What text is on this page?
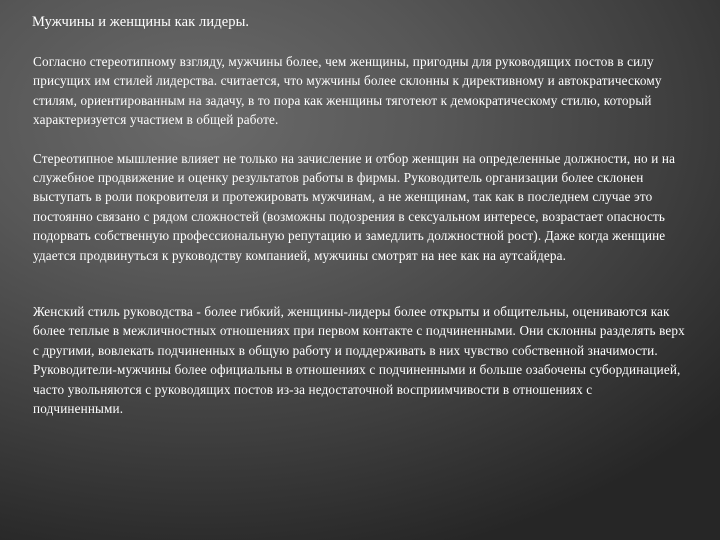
Мужчины и женщины как лидеры.

Согласно стереотипному взгляду, мужчины более, чем женщины, пригодны для руководящих постов в силу присущих им стилей лидерства. считается, что мужчины более склонны к директивному и автократическому стилям, ориентированным на задачу, в то пора как женщины тяготеют к демократическому стилю, который характеризуется участием в общей работе.

Стереотипное мышление влияет не только на зачисление и отбор женщин на определенные должности, но и на служебное продвижение и оценку результатов работы в фирмы. Руководитель организации более склонен выступать в роли покровителя и протежировать мужчинам, а не женщинам, так как в последнем случае это постоянно связано с рядом сложностей (возможны подозрения в сексуальном интересе, возрастает опасность подорвать собственную профессиональную репутацию и замедлить должностной рост). Даже когда женщине удается продвинуться к руководству компанией, мужчины смотрят на нее как на аутсайдера.

Женский стиль руководства - более гибкий, женщины-лидеры более открыты и общительны, оцениваются как более теплые в межличностных отношениях при первом контакте с подчиненными. Они склонны разделять верх с другими, вовлекать подчиненных в общую работу и поддерживать в них чувство собственной значимости. Руководители-мужчины более официальны в отношениях с подчиненными и больше озабочены субординацией, часто увольняются с руководящих постов из-за недостаточной восприимчивости в отношениях с подчиненными.
